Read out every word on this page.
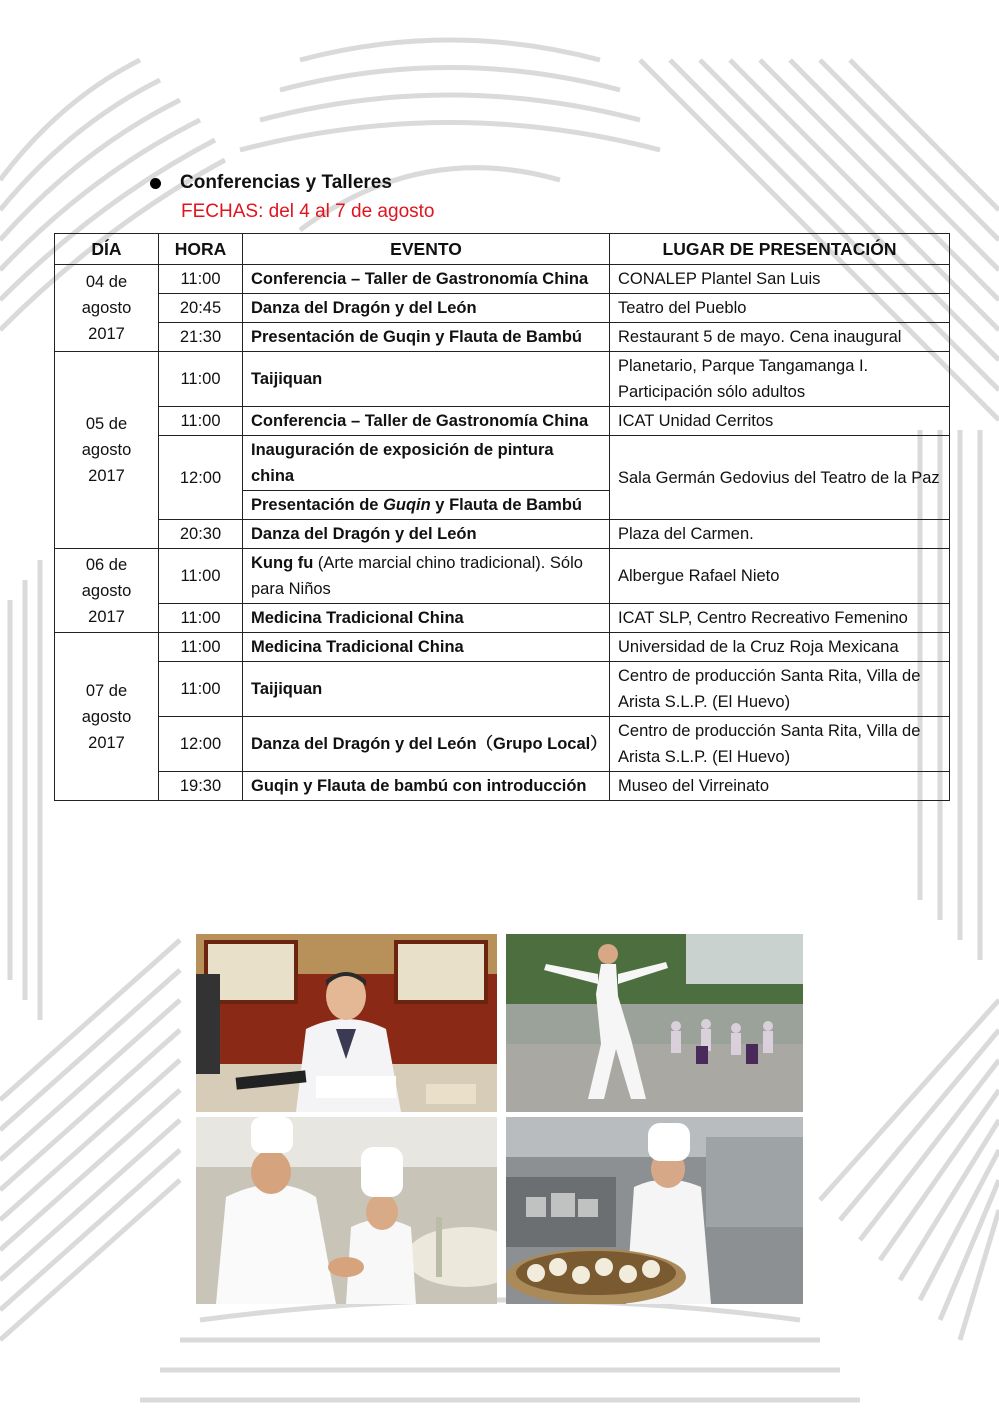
Conferencias y Talleres
FECHAS: del 4 al 7 de agosto
DÍA	HORA	EVENTO	LUGAR DE PRESENTACIÓN
04 de
agosto
2017	11:00	Conferencia – Taller de Gastronomía China	CONALEP Plantel San Luis
	20:45	Danza del Dragón y del León	Teatro del Pueblo
	21:30	Presentación de Guqin y Flauta de Bambú	Restaurant 5 de mayo. Cena inaugural
05 de
agosto
2017	11:00	Taijiquan	Planetario, Parque Tangamanga I. Participación sólo adultos
	11:00	Conferencia – Taller de Gastronomía China	ICAT Unidad Cerritos
	12:00	Inauguración de exposición de pintura china	Sala Germán Gedovius del Teatro de la Paz
		Presentación de Guqin y Flauta de Bambú	
	20:30	Danza del Dragón y del León	Plaza del Carmen.
06 de
agosto
2017	11:00	Kung fu (Arte marcial chino tradicional). Sólo para Niños	Albergue Rafael Nieto
	11:00	Medicina Tradicional China	ICAT SLP, Centro Recreativo Femenino
07 de
agosto
2017	11:00	Medicina Tradicional China	Universidad de la Cruz Roja Mexicana
	11:00	Taijiquan	Centro de producción Santa Rita, Villa de Arista S.L.P. (El Huevo)
	12:00	Danza del Dragón y del León（Grupo Local）	Centro de producción Santa Rita, Villa de Arista S.L.P. (El Huevo)
	19:30	Guqin y Flauta de bambú con introducción	Museo del Virreinato
